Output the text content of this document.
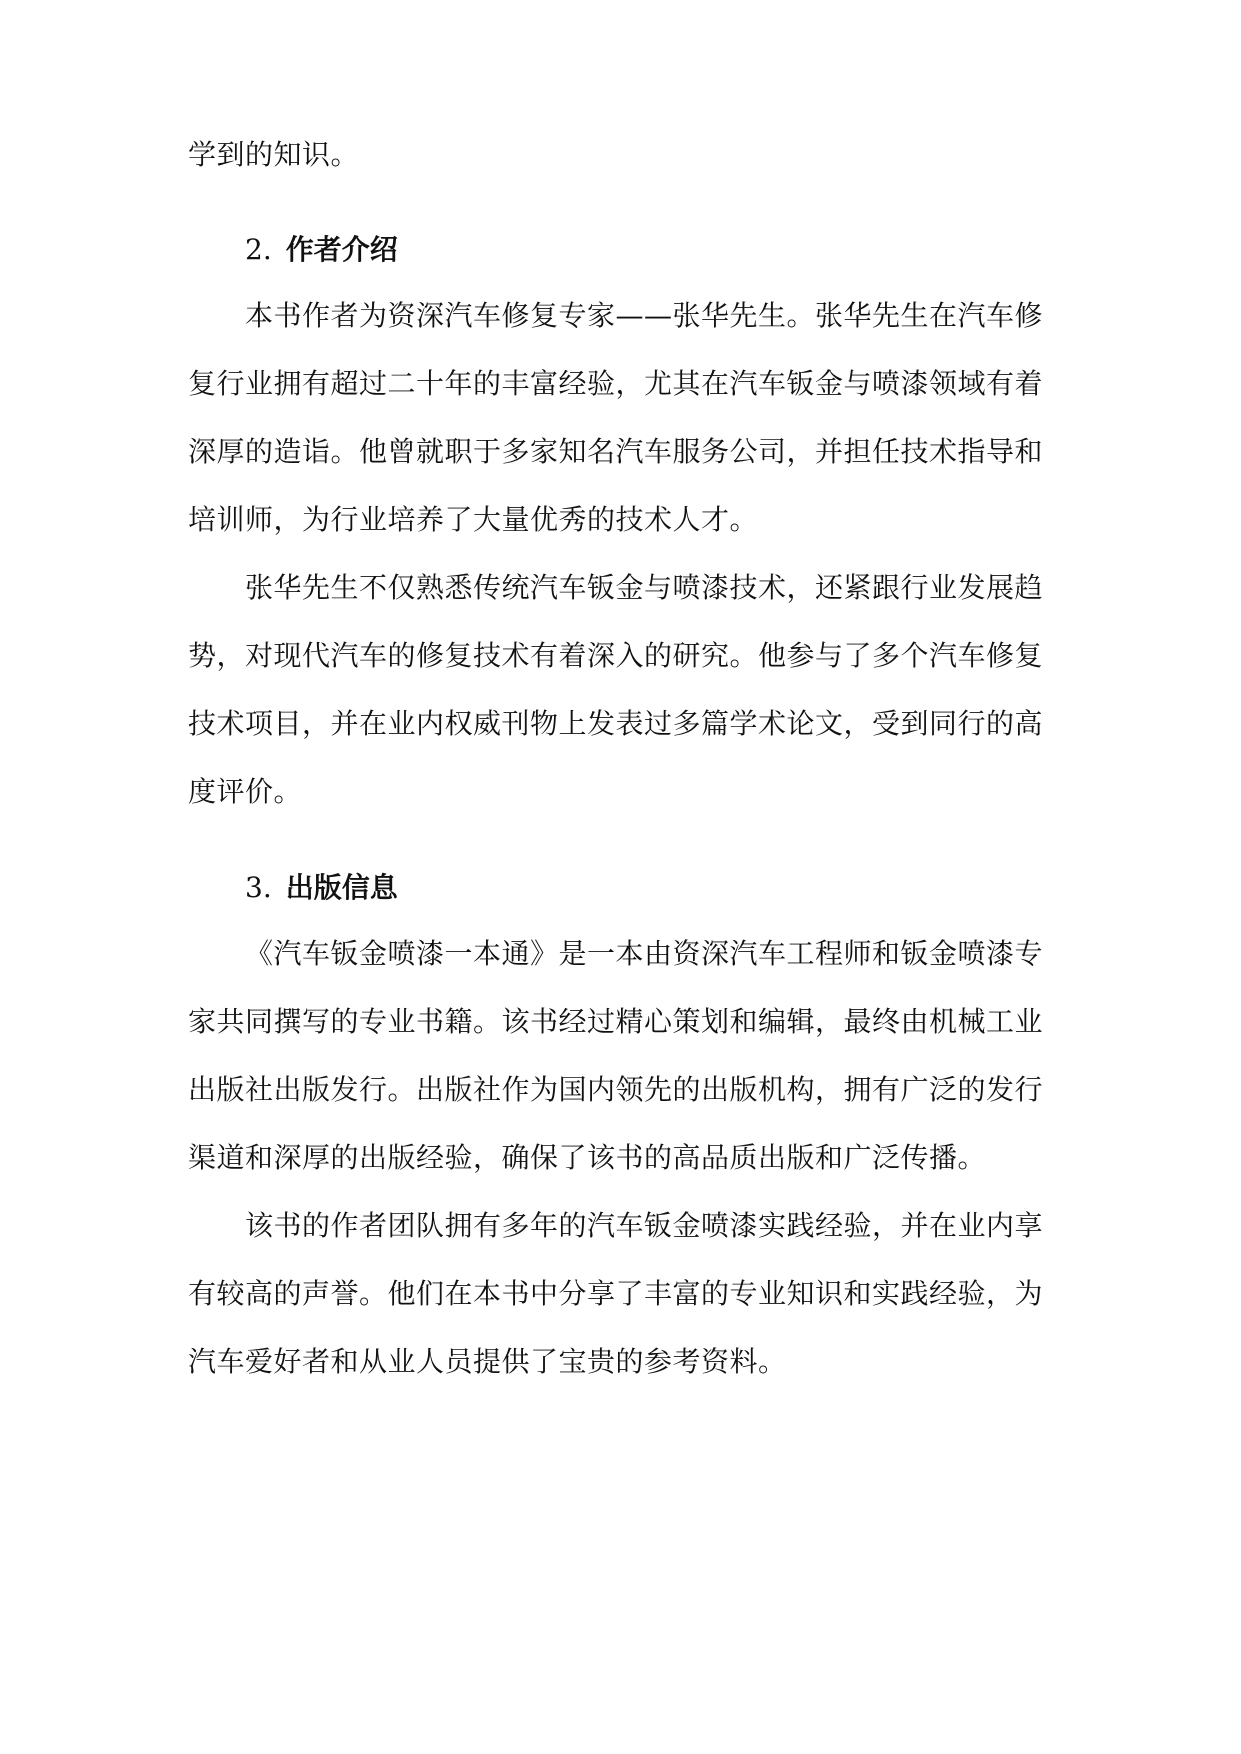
学到的知识。
2. 作者介绍
本书作者为资深汽车修复专家——张华先生。张华先生在汽车修
复行业拥有超过二十年的丰富经验，尤其在汽车钣金与喷漆领域有着
深厚的造诣。他曾就职于多家知名汽车服务公司，并担任技术指导和
培训师，为行业培养了大量优秀的技术人才。
张华先生不仅熟悉传统汽车钣金与喷漆技术，还紧跟行业发展趋
势，对现代汽车的修复技术有着深入的研究。他参与了多个汽车修复
技术项目，并在业内权威刊物上发表过多篇学术论文，受到同行的高
度评价。
3. 出版信息
《汽车钣金喷漆一本通》是一本由资深汽车工程师和钣金喷漆专
家共同撰写的专业书籍。该书经过精心策划和编辑，最终由机械工业
出版社出版发行。出版社作为国内领先的出版机构，拥有广泛的发行
渠道和深厚的出版经验，确保了该书的高品质出版和广泛传播。
该书的作者团队拥有多年的汽车钣金喷漆实践经验，并在业内享
有较高的声誉。他们在本书中分享了丰富的专业知识和实践经验，为
汽车爱好者和从业人员提供了宝贵的参考资料。
